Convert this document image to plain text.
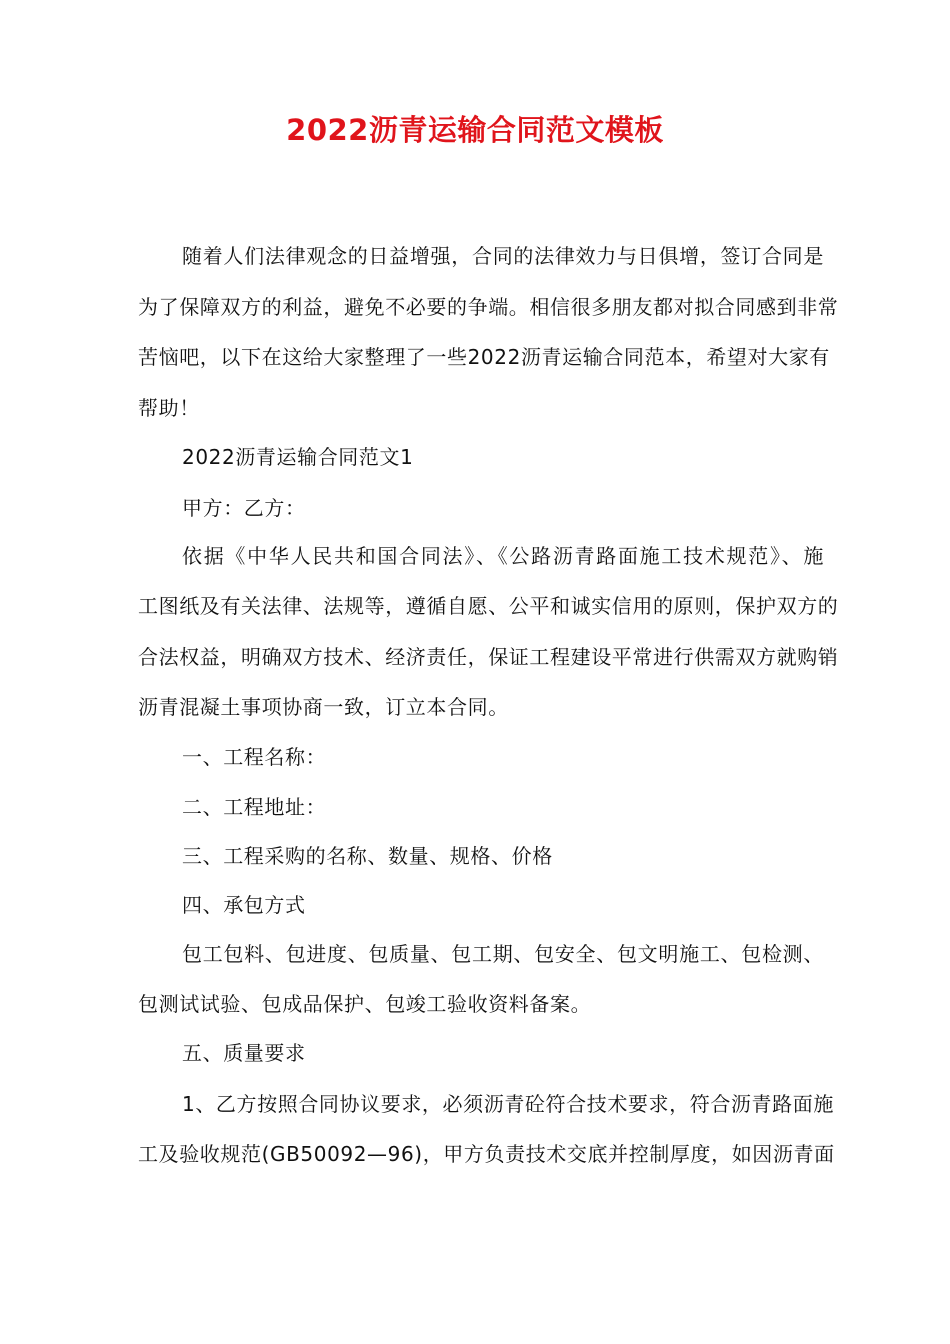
2022沥青运输合同范文模板
随着人们法律观念的日益增强，合同的法律效力与日俱增，签订合同是
为了保障双方的利益，避免不必要的争端。相信很多朋友都对拟合同感到非常
苦恼吧，以下在这给大家整理了一些2022沥青运输合同范本，希望对大家有
帮助！
2022沥青运输合同范文1
甲方：乙方：
依据《中华人民共和国合同法》、《公路沥青路面施工技术规范》、施
工图纸及有关法律、法规等，遵循自愿、公平和诚实信用的原则，保护双方的
合法权益，明确双方技术、经济责任，保证工程建设平常进行供需双方就购销
沥青混凝土事项协商一致，订立本合同。
一、工程名称：
二、工程地址：
三、工程采购的名称、数量、规格、价格
四、承包方式
包工包料、包进度、包质量、包工期、包安全、包文明施工、包检测、
包测试试验、包成品保护、包竣工验收资料备案。
五、质量要求
1、乙方按照合同协议要求，必须沥青砼符合技术要求，符合沥青路面施
工及验收规范(GB50092—96)，甲方负责技术交底并控制厚度，如因沥青面
